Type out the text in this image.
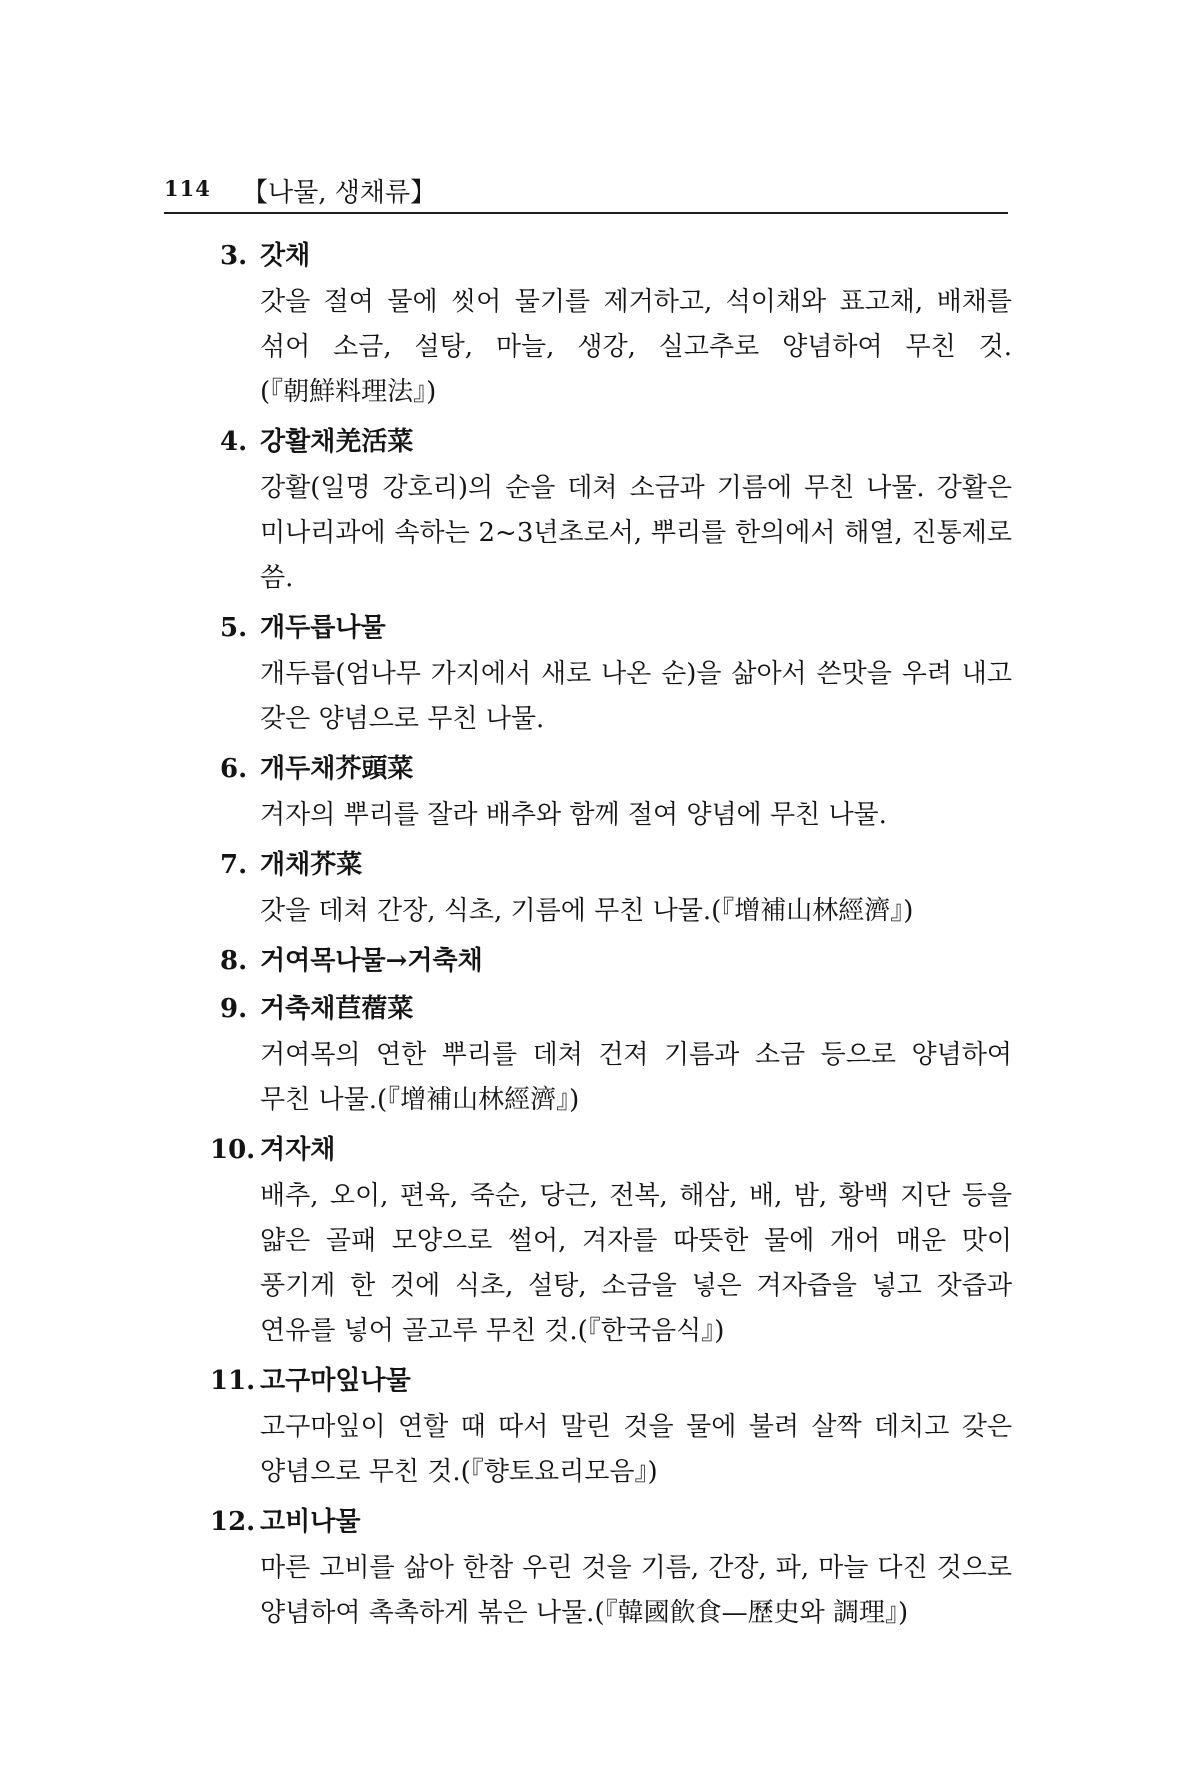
114 【나물, 생채류】
3. 갓채
갓을 절여 물에 씻어 물기를 제거하고, 석이채와 표고채, 배채를 섞어 소금, 설탕, 마늘, 생강, 실고추로 양념하여 무친 것.(『朝鮮料理法』)
4. 강활채羌活菜
강활(일명 강호리)의 순을 데쳐 소금과 기름에 무친 나물. 강활은 미나리과에 속하는 2~3년초로서, 뿌리를 한의에서 해열, 진통제로 씀.
5. 개두릅나물
개두릅(엄나무 가지에서 새로 나온 순)을 삶아서 쓴맛을 우려 내고 갖은 양념으로 무친 나물.
6. 개두채芥頭菜
겨자의 뿌리를 잘라 배추와 함께 절여 양념에 무친 나물.
7. 개채芥菜
갓을 데쳐 간장, 식초, 기름에 무친 나물.(『增補山林經濟』)
8. 거여목나물→거축채
9. 거축채苣蓿菜
거여목의 연한 뿌리를 데쳐 건져 기름과 소금 등으로 양념하여 무친 나물.(『增補山林經濟』)
10. 겨자채
배추, 오이, 편육, 죽순, 당근, 전복, 해삼, 배, 밤, 황백 지단 등을 얇은 골패 모양으로 썰어, 겨자를 따뜻한 물에 개어 매운 맛이 풍기게 한 것에 식초, 설탕, 소금을 넣은 겨자즙을 넣고 잣즙과 연유를 넣어 골고루 무친 것.(『한국음식』)
11. 고구마잎나물
고구마잎이 연할 때 따서 말린 것을 물에 불려 살짝 데치고 갖은 양념으로 무친 것.(『향토요리모음』)
12. 고비나물
마른 고비를 삶아 한참 우린 것을 기름, 간장, 파, 마늘 다진 것으로 양념하여 촉촉하게 볶은 나물.(『韓國飮食—歷史와 調理』)
